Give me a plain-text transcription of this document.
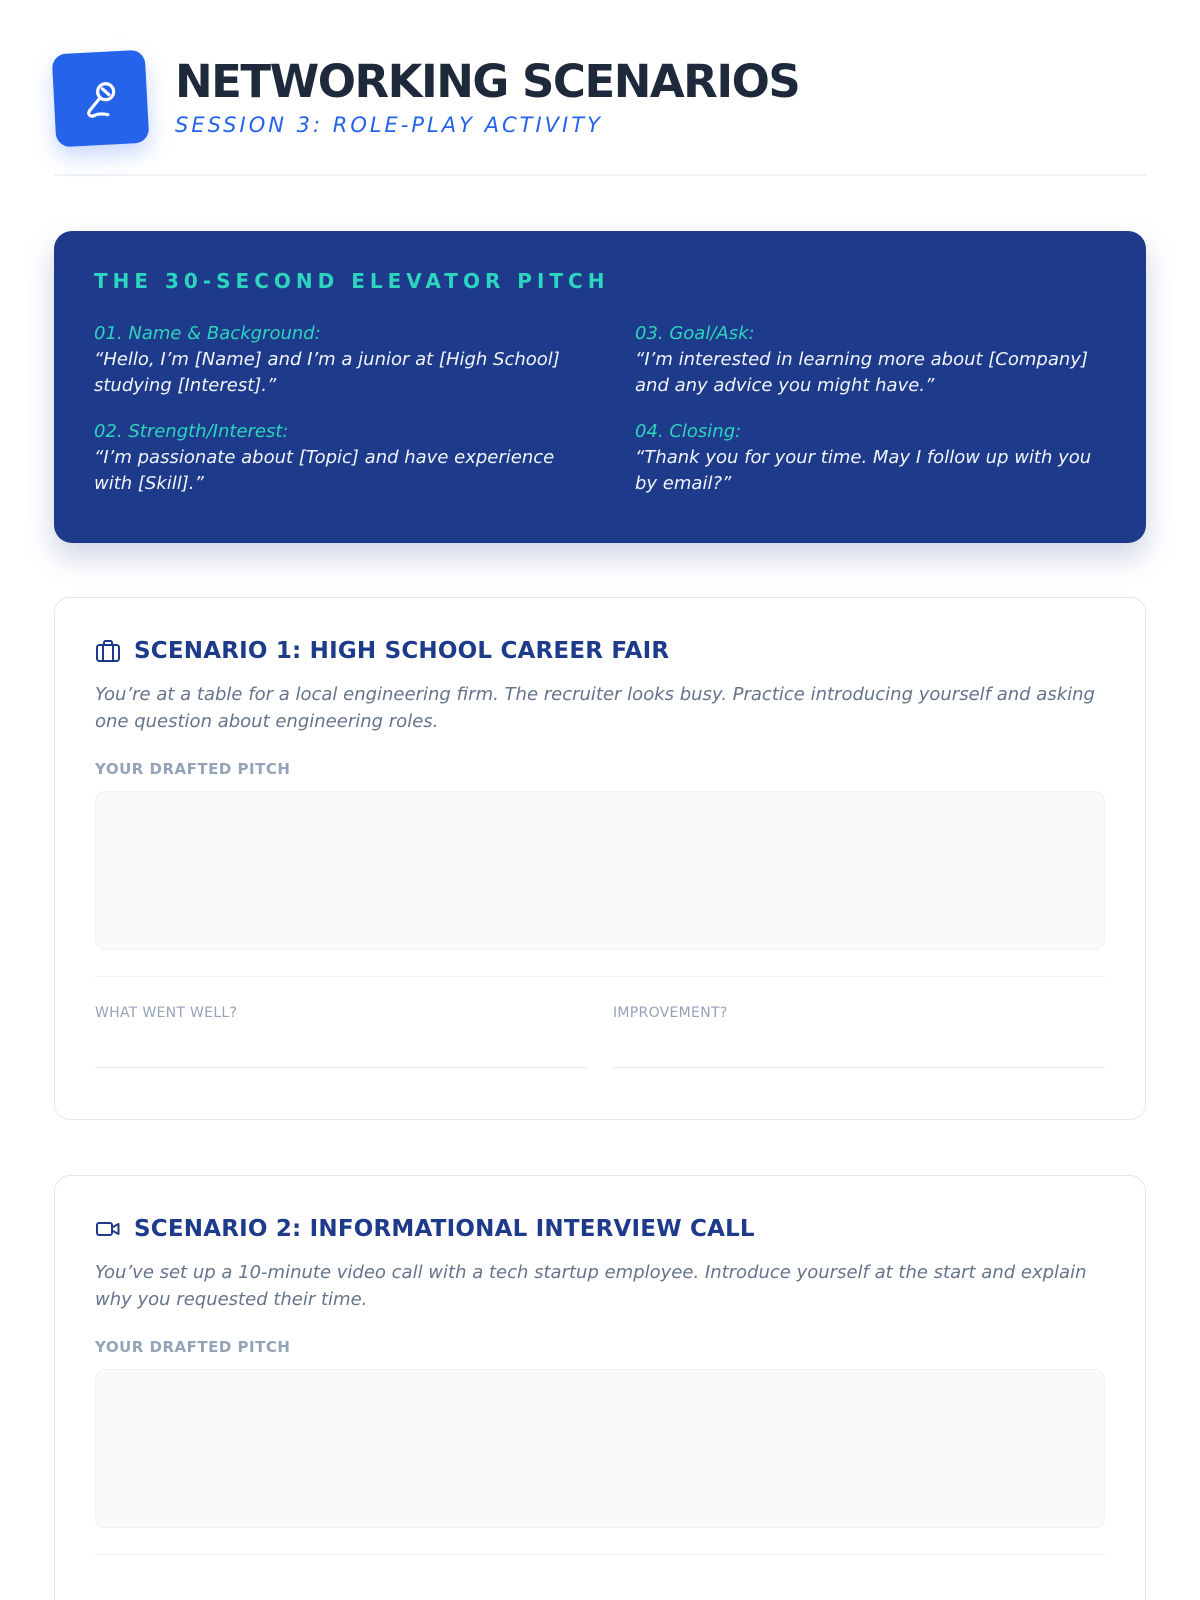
NETWORKING SCENARIOS
SESSION 3: ROLE-PLAY ACTIVITY
THE 30-SECOND ELEVATOR PITCH
01. Name & Background:
“Hello, I’m [Name] and I’m a junior at [High School] studying [Interest].”
03. Goal/Ask:
“I’m interested in learning more about [Company] and any advice you might have.”
02. Strength/Interest:
“I’m passionate about [Topic] and have experience with [Skill].”
04. Closing:
“Thank you for your time. May I follow up with you by email?”
SCENARIO 1: HIGH SCHOOL CAREER FAIR
You’re at a table for a local engineering firm. The recruiter looks busy. Practice introducing yourself and asking one question about engineering roles.
YOUR DRAFTED PITCH
WHAT WENT WELL?	IMPROVEMENT?
SCENARIO 2: INFORMATIONAL INTERVIEW CALL
You’ve set up a 10-minute video call with a tech startup employee. Introduce yourself at the start and explain why you requested their time.
YOUR DRAFTED PITCH
